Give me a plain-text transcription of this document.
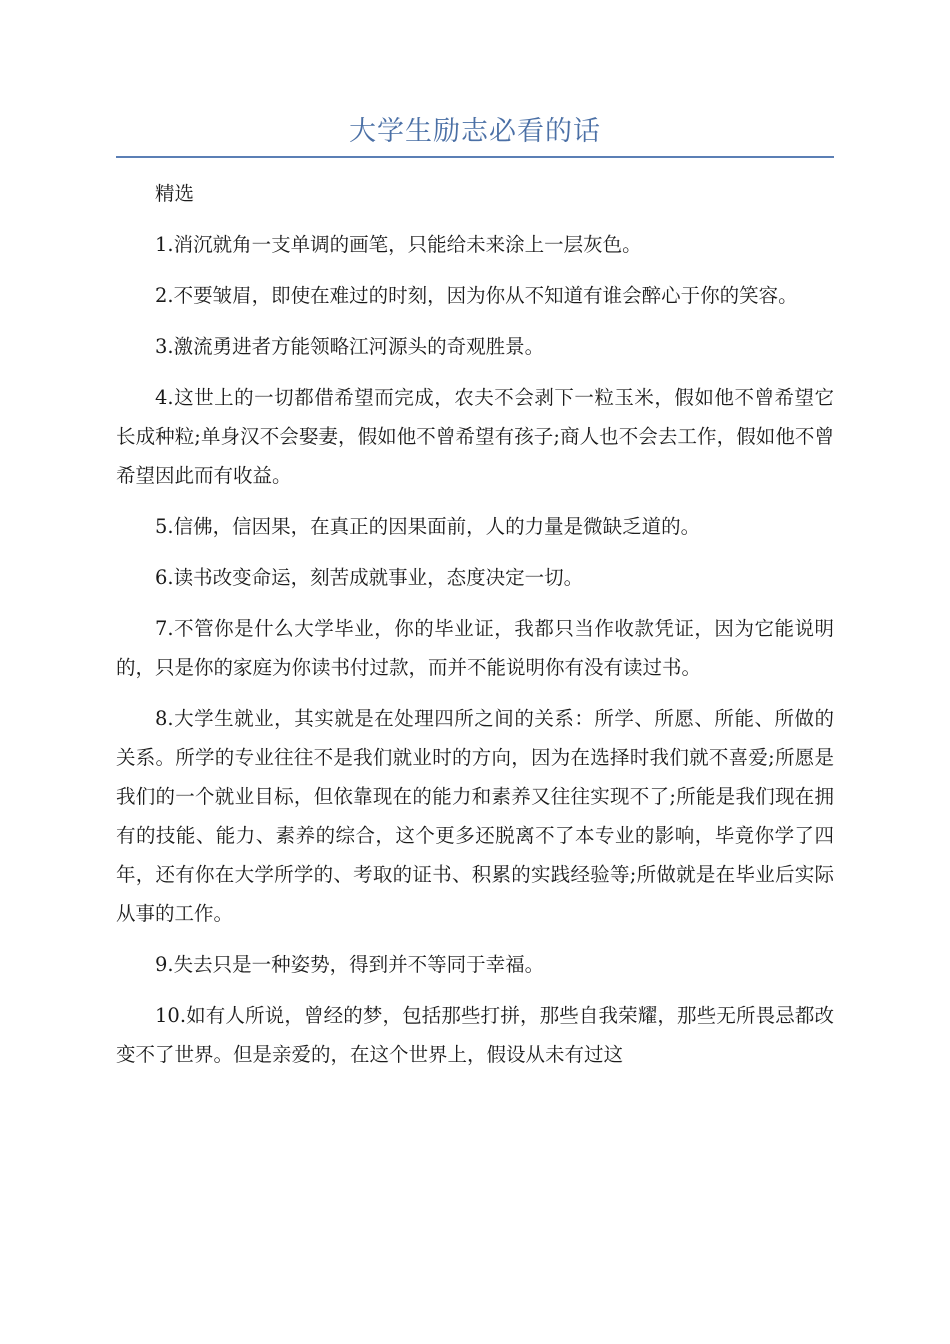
大学生励志必看的话

精选

1.消沉就角一支单调的画笔，只能给未来涂上一层灰色。

2.不要皱眉，即使在难过的时刻，因为你从不知道有谁会醉心于你的笑容。

3.激流勇进者方能领略江河源头的奇观胜景。

4.这世上的一切都借希望而完成，农夫不会剥下一粒玉米，假如他不曾希望它长成种粒;单身汉不会娶妻，假如他不曾希望有孩子;商人也不会去工作，假如他不曾希望因此而有收益。

5.信佛，信因果，在真正的因果面前，人的力量是微缺乏道的。

6.读书改变命运，刻苦成就事业，态度决定一切。

7.不管你是什么大学毕业，你的毕业证，我都只当作收款凭证，因为它能说明的，只是你的家庭为你读书付过款，而并不能说明你有没有读过书。

8.大学生就业，其实就是在处理四所之间的关系：所学、所愿、所能、所做的关系。所学的专业往往不是我们就业时的方向，因为在选择时我们就不喜爱;所愿是我们的一个就业目标，但依靠现在的能力和素养又往往实现不了;所能是我们现在拥有的技能、能力、素养的综合，这个更多还脱离不了本专业的影响，毕竟你学了四年，还有你在大学所学的、考取的证书、积累的实践经验等;所做就是在毕业后实际从事的工作。

9.失去只是一种姿势，得到并不等同于幸福。

10.如有人所说，曾经的梦，包括那些打拼，那些自我荣耀，那些无所畏忌都改变不了世界。但是亲爱的，在这个世界上，假设从未有过这
